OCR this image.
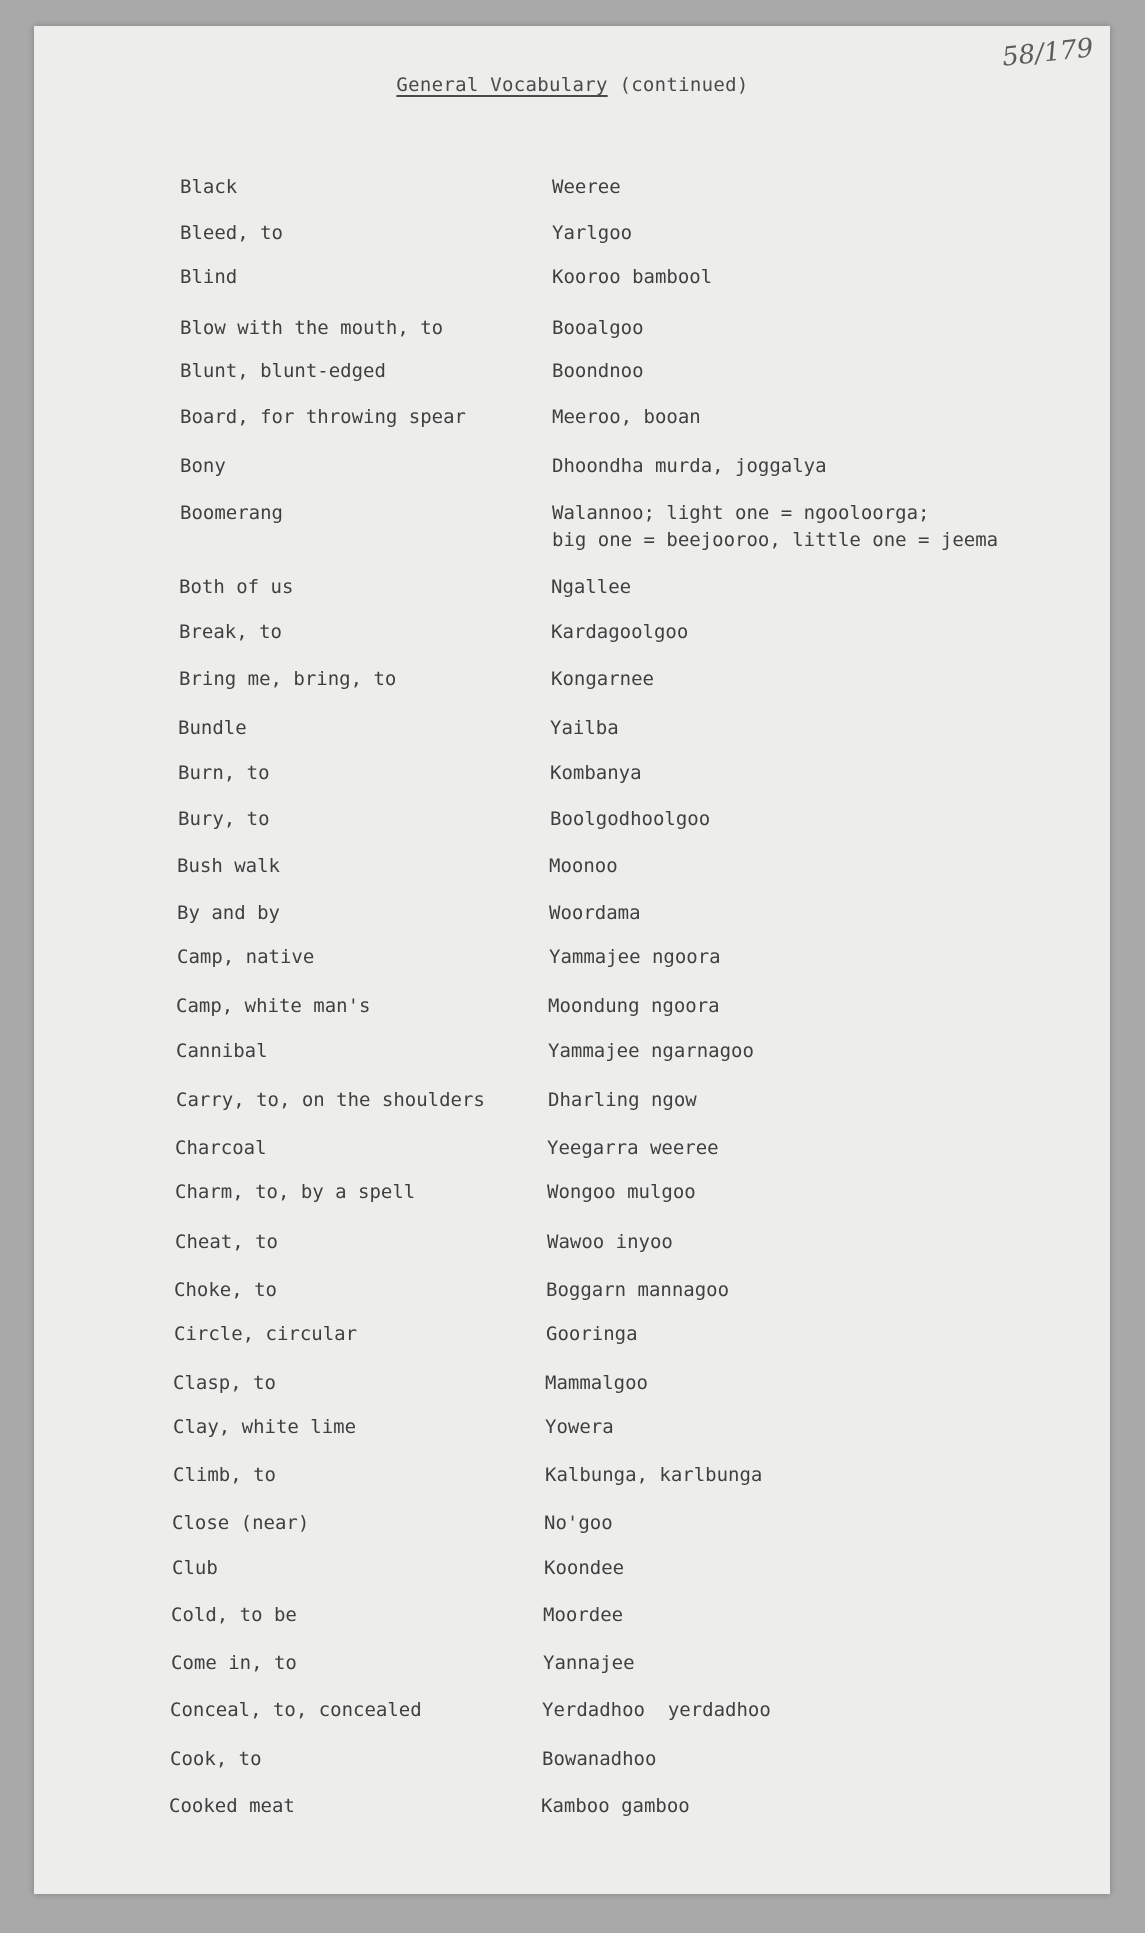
58/179
General Vocabulary (continued)
Black	Weeree
Bleed, to	Yarlgoo
Blind	Kooroo bambool
Blow with the mouth, to	Booalgoo
Blunt, blunt-edged	Boondnoo
Board, for throwing spear	Meeroo, booan
Bony	Dhoondha murda, joggalya
Boomerang	Walannoo; light one = ngooloorga;
big one = beejooroo, little one = jeema
Both of us	Ngallee
Break, to	Kardagoolgoo
Bring me, bring, to	Kongarnee
Bundle	Yailba
Burn, to	Kombanya
Bury, to	Boolgodhoolgoo
Bush walk	Moonoo
By and by	Woordama
Camp, native	Yammajee ngoora
Camp, white man's	Moondung ngoora
Cannibal	Yammajee ngarnagoo
Carry, to, on the shoulders	Dharling ngow
Charcoal	Yeegarra weeree
Charm, to, by a spell	Wongoo mulgoo
Cheat, to	Wawoo inyoo
Choke, to	Boggarn mannagoo
Circle, circular	Gooringa
Clasp, to	Mammalgoo
Clay, white lime	Yowera
Climb, to	Kalbunga, karlbunga
Close (near)	No'goo
Club	Koondee
Cold, to be	Moordee
Come in, to	Yannajee
Conceal, to, concealed	Yerdadhoo  yerdadhoo
Cook, to	Bowanadhoo
Cooked meat	Kamboo gamboo
